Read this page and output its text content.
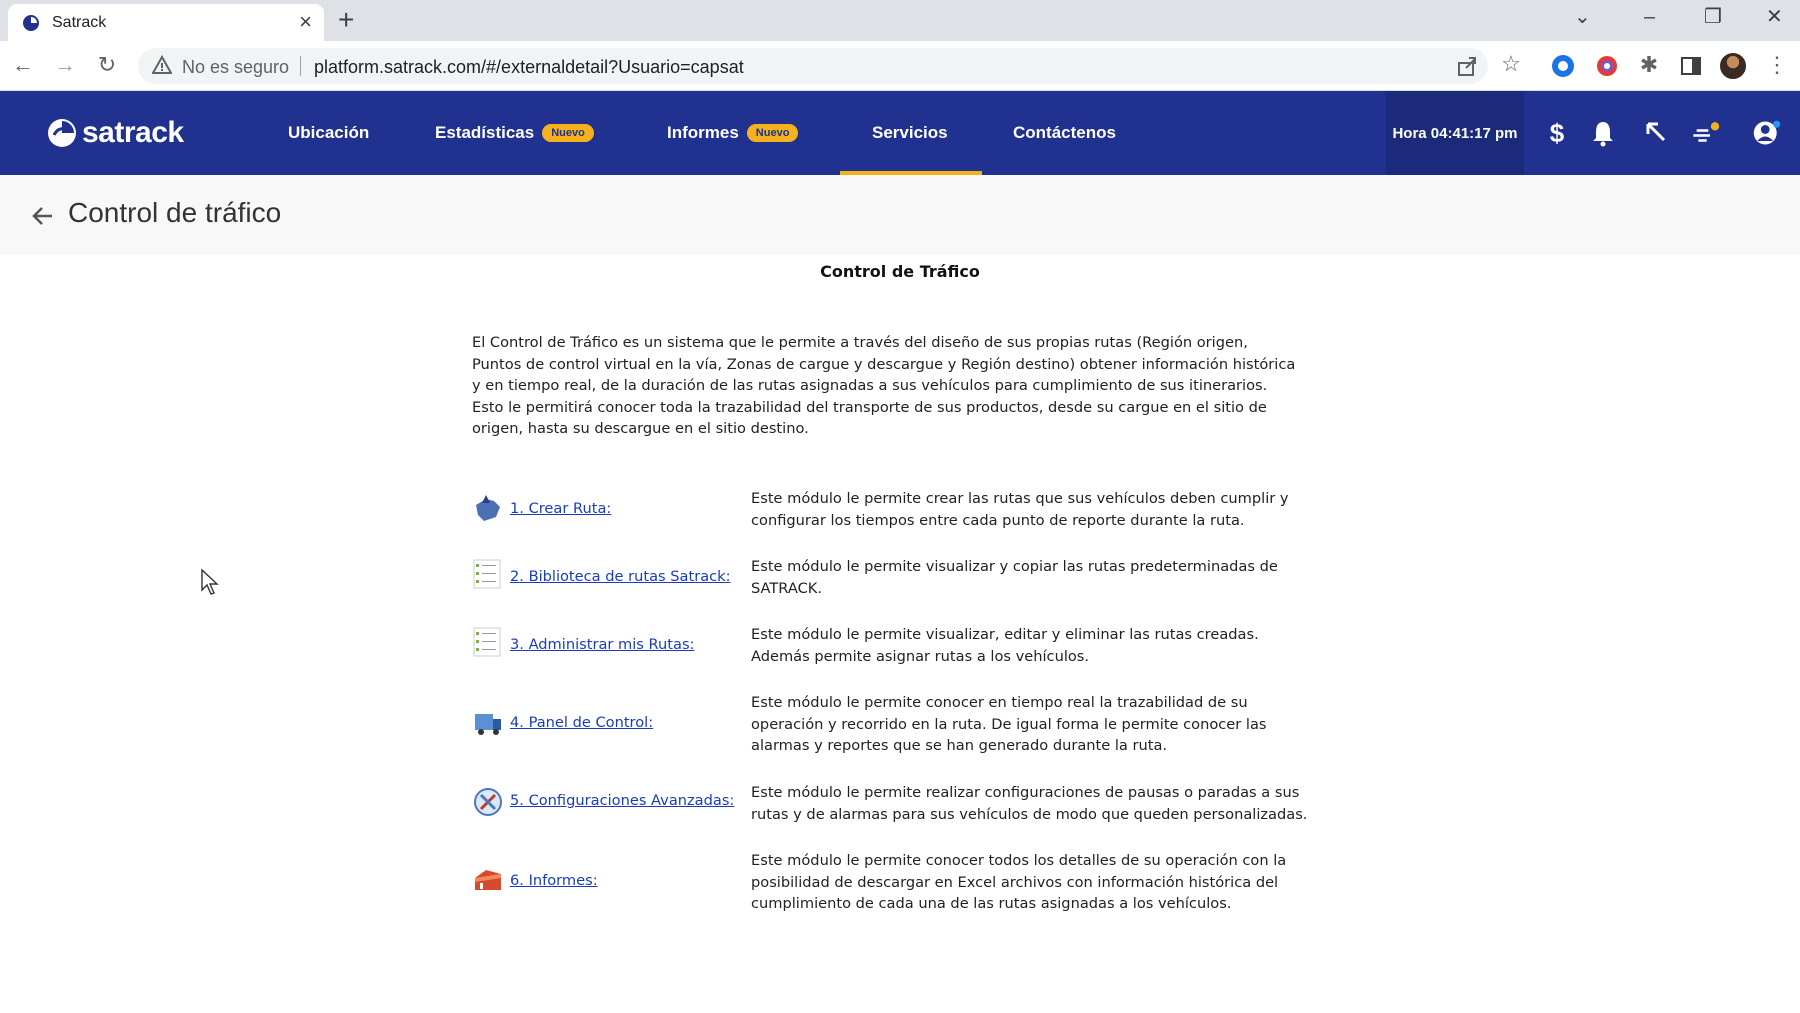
Satrack	× +	⌄	– ❐ ✕
← → ↻	No es seguro platform.satrack.com/#/externaldetail?Usuario=capsat	☆	✱	⋮
satrack	Ubicación	Estadísticas	Nuevo	Informes	Nuevo	Servicios	Contáctenos	Hora 04:41:17 pm $
Control de tráfico
Control de Tráfico
El Control de Tráfico es un sistema que le permite a través del diseño de sus propias rutas (Región origen,
Puntos de control virtual en la vía, Zonas de cargue y descargue y Región destino) obtener información histórica
y en tiempo real, de la duración de las rutas asignadas a sus vehículos para cumplimiento de sus itinerarios.
Esto le permitirá conocer toda la trazabilidad del transporte de sus productos, desde su cargue en el sitio de
origen, hasta su descargue en el sitio destino.
1. Crear Ruta:
Este módulo le permite crear las rutas que sus vehículos deben cumplir y
configurar los tiempos entre cada punto de reporte durante la ruta.
2. Biblioteca de rutas Satrack:
Este módulo le permite visualizar y copiar las rutas predeterminadas de
SATRACK.
3. Administrar mis Rutas:
Este módulo le permite visualizar, editar y eliminar las rutas creadas.
Además permite asignar rutas a los vehículos.
4. Panel de Control:
Este módulo le permite conocer en tiempo real la trazabilidad de su
operación y recorrido en la ruta. De igual forma le permite conocer las
alarmas y reportes que se han generado durante la ruta.
5. Configuraciones Avanzadas: Este módulo le permite realizar configuraciones de pausas o paradas a sus
rutas y de alarmas para sus vehículos de modo que queden personalizadas.
6. Informes:
Este módulo le permite conocer todos los detalles de su operación con la
posibilidad de descargar en Excel archivos con información histórica del
cumplimiento de cada una de las rutas asignadas a los vehículos.
